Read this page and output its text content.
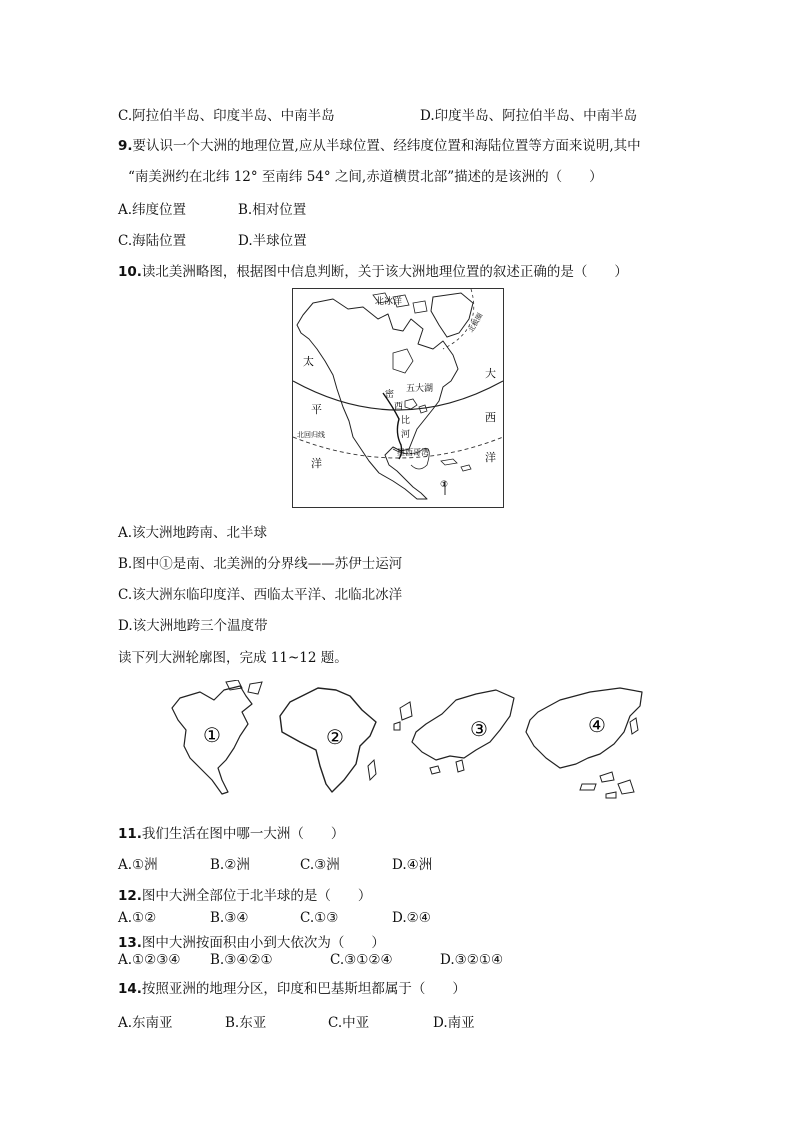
C.阿拉伯半岛、印度半岛、中南半岛	D.印度半岛、阿拉伯半岛、中南半岛
9.要认识一个大洲的地理位置,应从半球位置、经纬度位置和海陆位置等方面来说明,其中
“南美洲约在北纬 12° 至南纬 54° 之间,赤道横贯北部”描述的是该洲的（　　）
A.纬度位置	B.相对位置
C.海陆位置	D.半球位置
10.读北美洲略图，根据图中信息判断，关于该大洲地理位置的叙述正确的是（　　）
北冰洋
北极圈
太
平
洋
大
西
洋
北回归线
五大湖
密
西
比
河
墨西哥湾
①
A.该大洲地跨南、北半球
B.图中①是南、北美洲的分界线——苏伊士运河
C.该大洲东临印度洋、西临太平洋、北临北冰洋
D.该大洲地跨三个温度带
读下列大洲轮廓图，完成 11~12 题。
①	②	③	④
11.我们生活在图中哪一大洲（　　）
A.①洲	B.②洲	C.③洲	D.④洲
12.图中大洲全部位于北半球的是（　　）
A.①②	B.③④	C.①③	D.②④
13.图中大洲按面积由小到大依次为（　　）
A.①②③④ B.③④②①	C.③①②④	D.③②①④
14.按照亚洲的地理分区，印度和巴基斯坦都属于（　　）
A.东南亚	B.东亚	C.中亚	D.南亚
